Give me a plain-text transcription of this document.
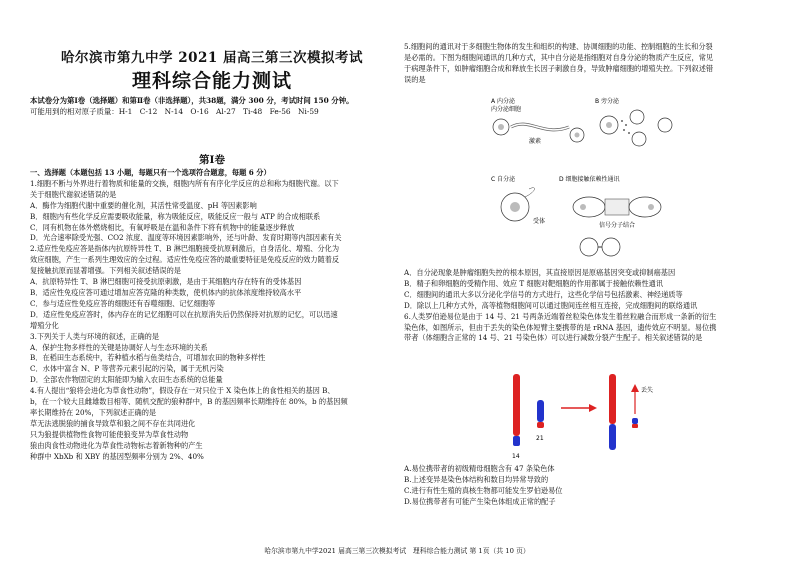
哈尔滨市第九中学 2021 届高三第三次模拟考试
理科综合能力测试
本试卷分为第Ⅰ卷（选择题）和第Ⅱ卷（非选择题），共38题，满分 300 分，考试时间 150 分钟。
可能用到的相对原子质量：H-1　C-12　N-14　O-16　Al-27　Ti-48　Fe-56　Ni-59
第Ⅰ卷

一、选择题（本题包括 13 小题，每题只有一个选项符合题意，每题 6 分）

1.细胞不断与外界进行着物质和能量的交换，细胞内所有有序化学反应的总和称为细胞代谢。以下

关于细胞代谢叙述错误的是

A．酶作为细胞代谢中重要的催化剂，其活性常受温度、pH 等因素影响

B．细胞内有些化学反应需要吸收能量，称为吸能反应，吸能反应一般与 ATP 的合成相联系

C．同有机物在体外燃烧相比，有氧呼吸是在温和条件下将有机物中的能量逐步释放

D．光合速率除受光强、CO2 浓度、温度等环境因素影响外，还与叶龄、发育时期等内部因素有关

2.适应性免疫应答是指体内抗原特异性 T、B 淋巴细胞接受抗原刺激后，自身活化、增殖、分化为

效应细胞，产生一系列生理效应的全过程。适应性免疫应答的最重要特征是免疫反应的效力随着反

复接触抗原而显著增强。下列相关叙述错误的是

A．抗原特异性 T、B 淋巴细胞可接受抗原刺激，是由于其细胞内存在特有的受体基因

B．适应性免疫应答可通过增加应答克隆的种类数，使机体内的抗体浓度维持较高水平

C．参与适应性免疫应答的细胞还有吞噬细胞、记忆细胞等

D．适应性免疫应答时，体内存在的记忆细胞可以在抗原消失后仍然保持对抗原的记忆，可以迅速

增殖分化

3.下列关于人类与环境的叙述，正确的是

A．保护生物多样性的关键是协调好人与生态环境的关系

B．在稻田生态系统中，若种植水稻与鱼类结合，可增加农田的物种多样性

C．水体中富含 N、P 等营养元素引起的污染，属于无机污染

D．全部农作物固定的太阳能即为输入农田生态系统的总能量

4.有人提出“狼将会进化为草食性动物”，假设存在一对只位于 X 染色体上的食性相关的基因 B、

b，在一个较大且雌雄数目相等、随机交配的狼种群中，B 的基因频率长期维持在 80%，b 的基因频

率长期维持在 20%，下列叙述正确的是

草无法逃脱狼的捕食导致草和狼之间不存在共同进化

只为狼提供植物性食物可能使狼变异为草食性动物

狼由肉食性动物进化为草食性动物标志着新物种的产生

种群中 XbXb 和 XBY 的基因型频率分别为 2%、40%

5.细胞间的通讯对于多细胞生物体的发生和组织的构建、协调细胞的功能、控制细胞的生长和分裂

是必需的。下图为细胞间通讯的几种方式，其中自分泌是指细胞对自身分泌的物质产生反应，常见

于病理条件下，如肿瘤细胞合成和释放生长因子刺激自身，导致肿瘤细胞的增殖失控。下列叙述错

误的是

A 内分泌
内分泌细胞
激素
B 旁分泌
C 自分泌
受体
D 细胞接触依赖性通讯
信号分子结合

A．自分泌现象是肿瘤细胞失控的根本原因，其直接原因是原癌基因突变或抑制癌基因

B．精子和卵细胞的受精作用、效应 T 细胞对靶细胞的作用都属于接触依赖性通讯

C．细胞间的通讯大多以分泌化学信号的方式进行，这些化学信号包括激素、神经递质等

D．除以上几种方式外，高等植物细胞间可以通过胞间连丝相互连接，完成细胞间的联络通讯

6.人类罗伯逊易位是由于 14 号、21 号两条近端着丝粒染色体发生着丝粒融合而形成一条新的衍生

染色体，如图所示，但由于丢失的染色体短臂主要携带的是 rRNA 基因，遗传效应不明显。易位携

带者（体细胞含正常的 14 号、21 号染色体）可以进行减数分裂产生配子。相关叙述错误的是

14
21
丢失

A.易位携带者的初级精母细胞含有 47 条染色体

B.上述变异是染色体结构和数目均异常导致的

C.进行有性生殖的真核生物都可能发生罗伯逊易位

D.易位携带者有可能产生染色体组成正常的配子

哈尔滨市第九中学2021 届高三第三次模拟考试　理科综合能力测试 第 1页（共 10 页）
